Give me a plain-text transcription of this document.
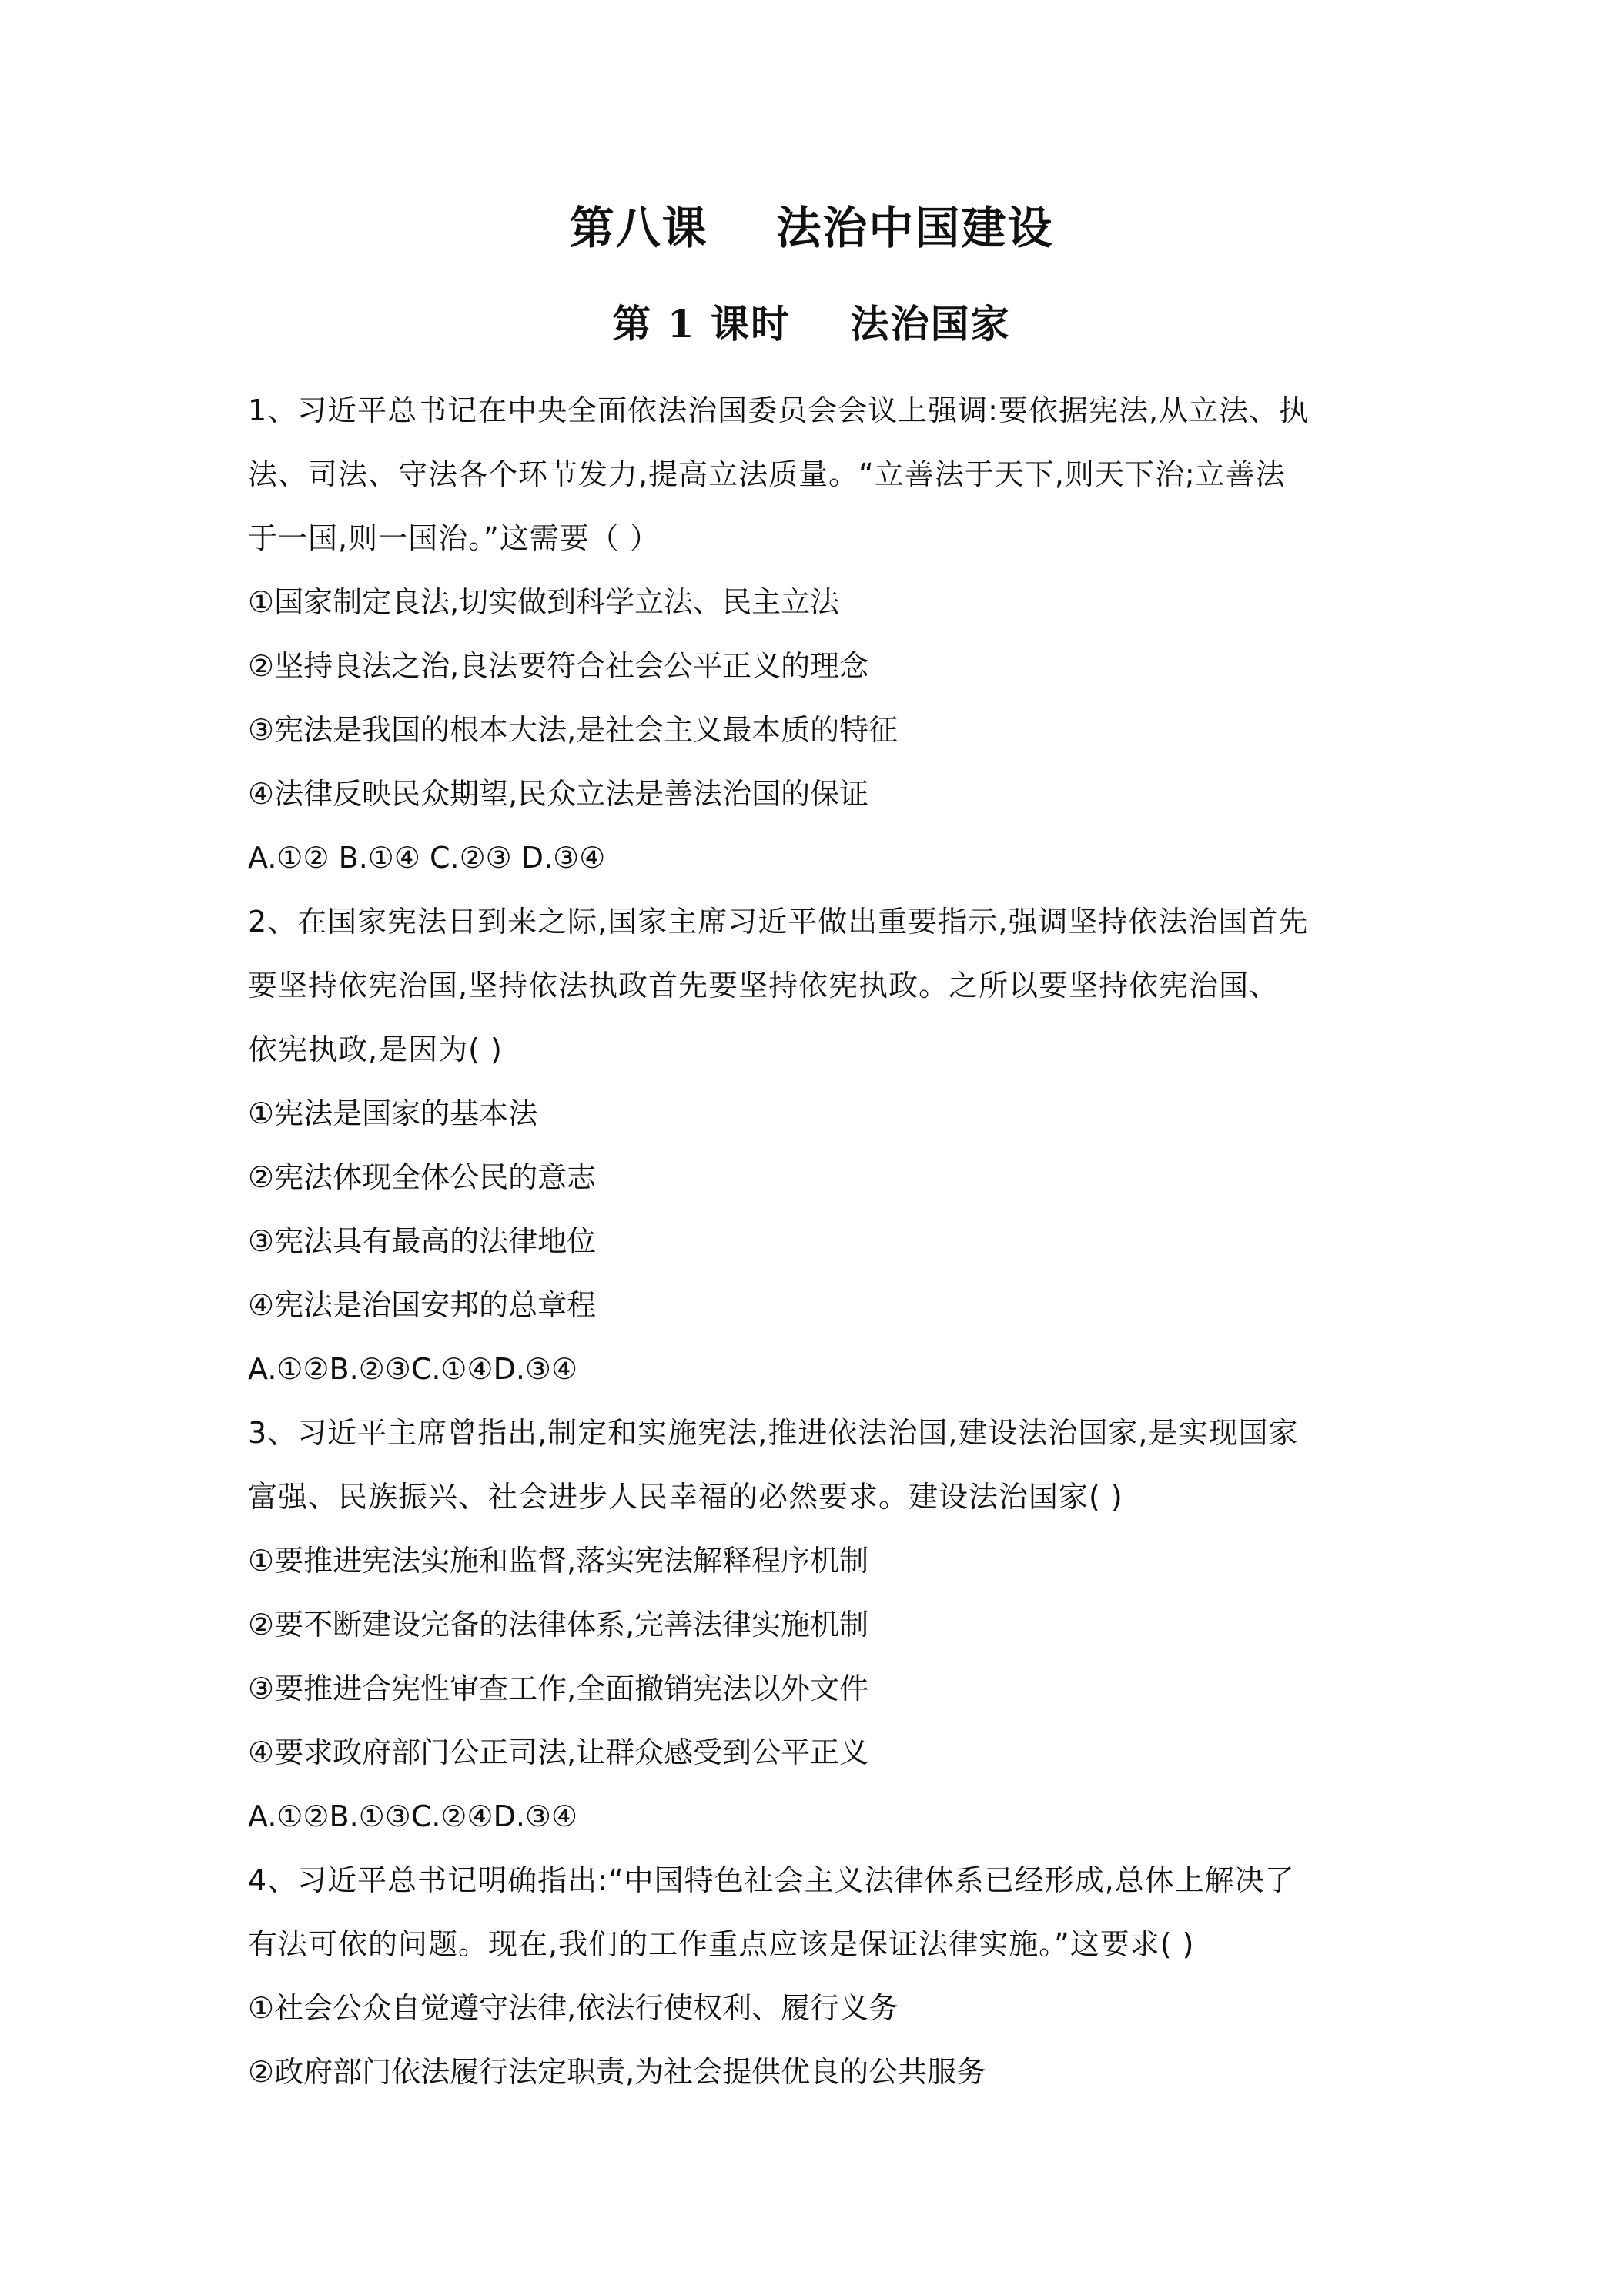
第八课    法治中国建设
第 1 课时    法治国家
1、习近平总书记在中央全面依法治国委员会会议上强调:要依据宪法,从立法、执
法、司法、守法各个环节发力,提高立法质量。“立善法于天下,则天下治;立善法
于一国,则一国治。”这需要（ ）
①国家制定良法,切实做到科学立法、民主立法
②坚持良法之治,良法要符合社会公平正义的理念
③宪法是我国的根本大法,是社会主义最本质的特征
④法律反映民众期望,民众立法是善法治国的保证
A.①② B.①④ C.②③ D.③④
2、在国家宪法日到来之际,国家主席习近平做出重要指示,强调坚持依法治国首先
要坚持依宪治国,坚持依法执政首先要坚持依宪执政。之所以要坚持依宪治国、
依宪执政,是因为( )
①宪法是国家的基本法
②宪法体现全体公民的意志
③宪法具有最高的法律地位
④宪法是治国安邦的总章程
A.①②B.②③C.①④D.③④
3、习近平主席曾指出,制定和实施宪法,推进依法治国,建设法治国家,是实现国家
富强、民族振兴、社会进步人民幸福的必然要求。建设法治国家( )
①要推进宪法实施和监督,落实宪法解释程序机制
②要不断建设完备的法律体系,完善法律实施机制
③要推进合宪性审查工作,全面撤销宪法以外文件
④要求政府部门公正司法,让群众感受到公平正义
A.①②B.①③C.②④D.③④
4、习近平总书记明确指出:“中国特色社会主义法律体系已经形成,总体上解决了
有法可依的问题。现在,我们的工作重点应该是保证法律实施。”这要求( )
①社会公众自觉遵守法律,依法行使权利、履行义务
②政府部门依法履行法定职责,为社会提供优良的公共服务
